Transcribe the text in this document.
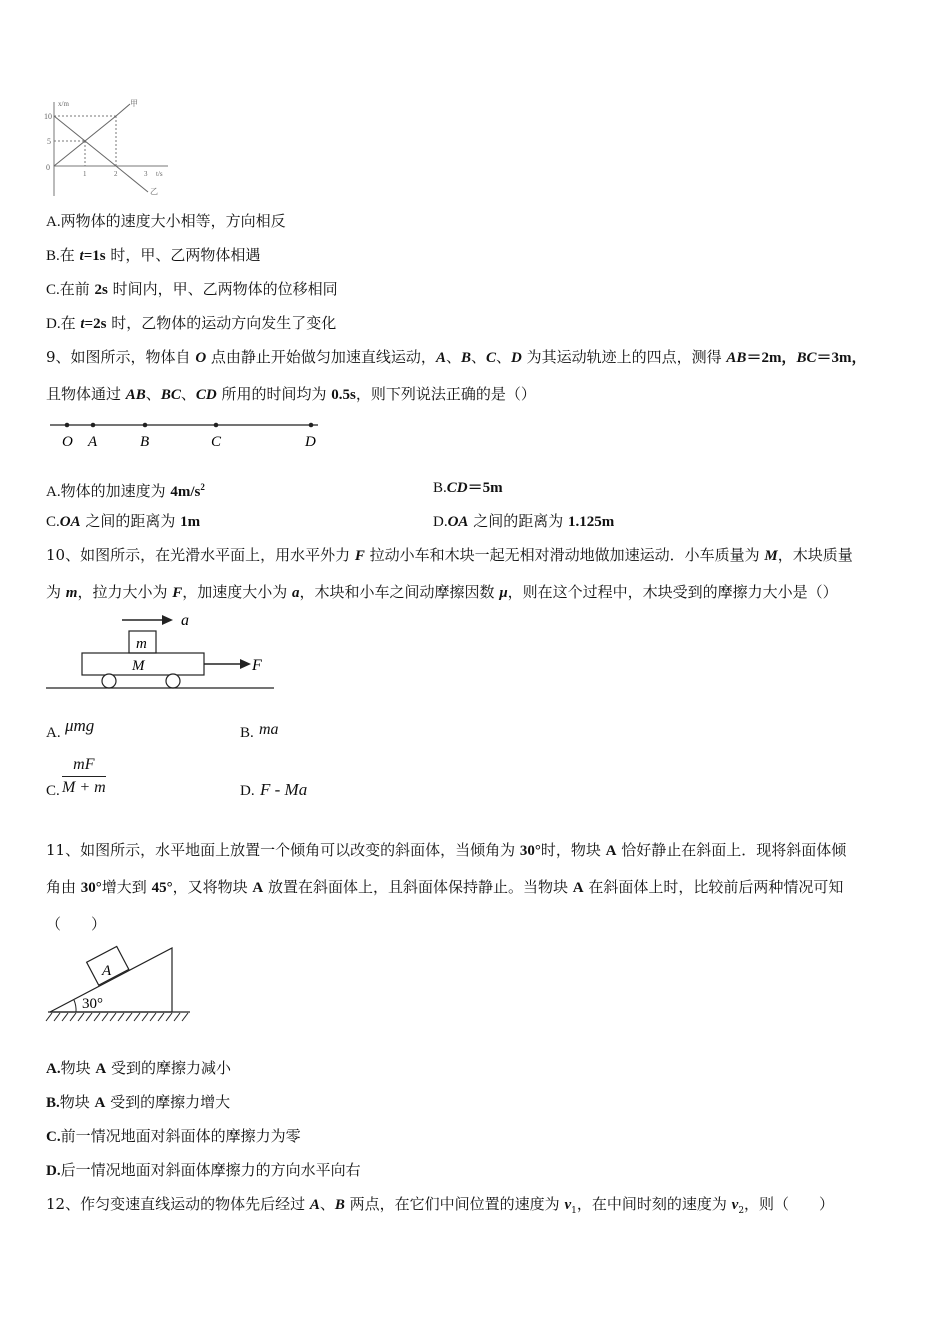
x/m	甲
10
5
0
1	2	3 t/s
乙
A.两物体的速度大小相等，方向相反
B.在 t=1s 时，甲、乙两物体相遇
C.在前 2s 时间内，甲、乙两物体的位移相同
D.在 t=2s 时，乙物体的运动方向发生了变化
9、如图所示，物体自 O 点由静止开始做匀加速直线运动，A、B、C、D 为其运动轨迹上的四点，测得 AB＝2m，BC＝3m，
且物体通过 AB、BC、CD 所用的时间均为 0.5s，则下列说法正确的是（）
O A	B	C	D
A.物体的加速度为 $4m/s^2$	B.CD＝5m
C.OA 之间的距离为 1m	D.OA 之间的距离为 1.125m
10、如图所示，在光滑水平面上，用水平外力 F 拉动小车和木块一起无相对滑动地做加速运动．小车质量为 M，木块质量
为 m，拉力大小为 F，加速度大小为 a，木块和小车之间动摩擦因数 μ，则在这个过程中，木块受到的摩擦力大小是（）
a
m
M	F
A. μmg	B. ma
C. $\frac{mF}{M + m}$	D. F - Ma
11、如图所示，水平地面上放置一个倾角可以改变的斜面体，当倾角为 30°时，物块 A 恰好静止在斜面上．现将斜面体倾
角由 30°增大到 45°，又将物块 A 放置在斜面体上，且斜面体保持静止。当物块 A 在斜面体上时，比较前后两种情况可知
（　　）
A
30°
A.物块 A 受到的摩擦力减小
B.物块 A 受到的摩擦力增大
C.前一情况地面对斜面体的摩擦力为零
D.后一情况地面对斜面体摩擦力的方向水平向右
12、作匀变速直线运动的物体先后经过 A、B 两点，在它们中间位置的速度为 $v_1$，在中间时刻的速度为 $v_2$，则（　　）
